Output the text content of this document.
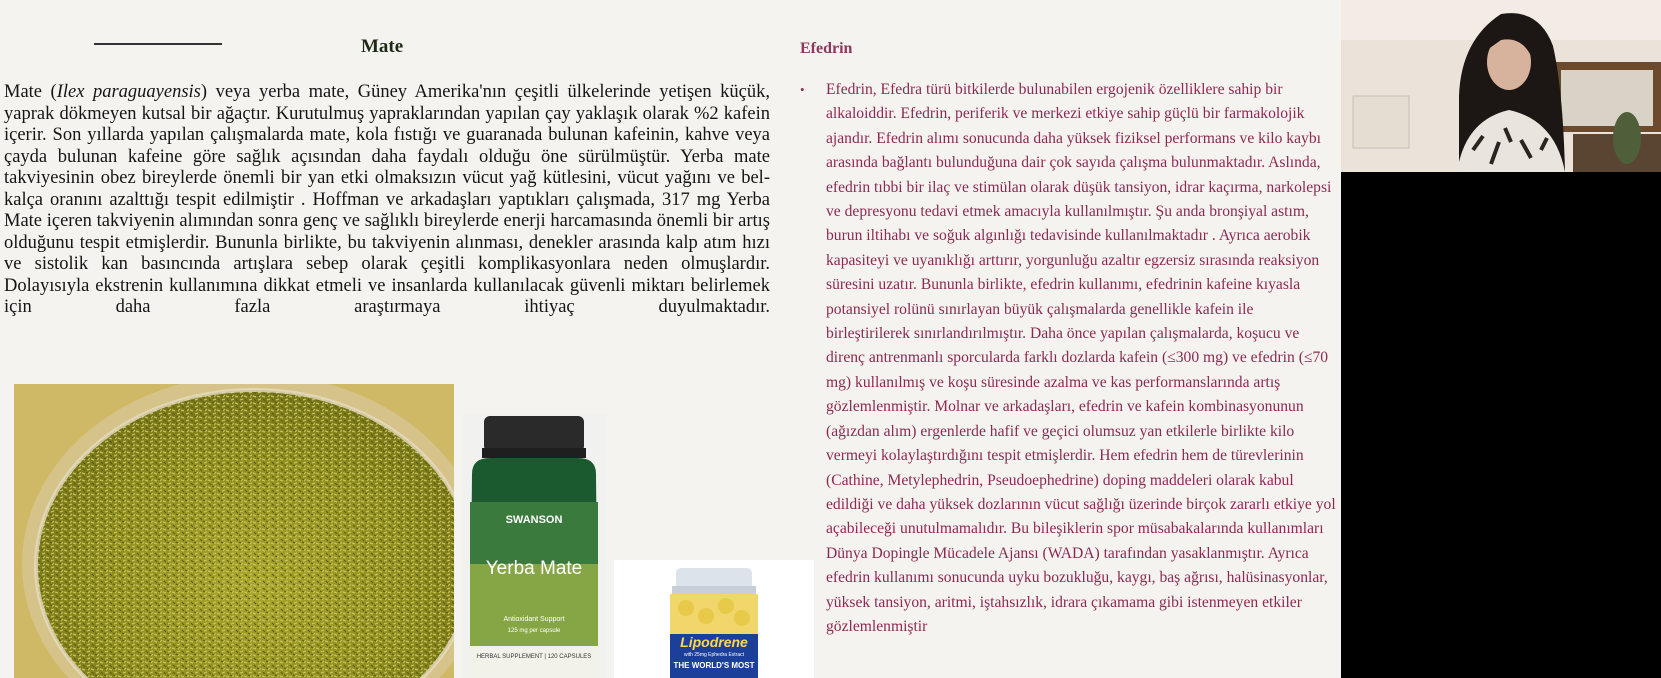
Mate

Mate (Ilex paraguayensis) veya yerba mate, Güney Amerika'nın çeşitli ülkelerinde yetişen küçük, yaprak dökmeyen kutsal bir ağaçtır. Kurutulmuş yapraklarından yapılan çay yaklaşık olarak %2 kafein içerir. Son yıllarda yapılan çalışmalarda mate, kola fıstığı ve guaranada bulunan kafeinin, kahve veya çayda bulunan kafeine göre sağlık açısından daha faydalı olduğu öne sürülmüştür. Yerba mate takviyesinin obez bireylerde önemli bir yan etki olmaksızın vücut yağ kütlesini, vücut yağını ve bel-kalça oranını azalttığı tespit edilmiştir . Hoffman ve arkadaşları yaptıkları çalışmada, 317 mg Yerba Mate içeren takviyenin alımından sonra genç ve sağlıklı bireylerde enerji harcamasında önemli bir artış olduğunu tespit etmişlerdir. Bununla birlikte, bu takviyenin alınması, denekler arasında kalp atım hızı ve sistolik kan basıncında artışlara sebep olarak çeşitli komplikasyonlara neden olmuşlardır. Dolayısıyla ekstrenin kullanımına dikkat etmeli ve insanlarda kullanılacak güvenli miktarı belirlemek için daha fazla araştırmaya ihtiyaç duyulmaktadır.

SWANSON
Yerba Mate
Antioxidant Support
125 mg per capsule
HERBAL SUPPLEMENT | 120 CAPSULES
Lipodrene
with 25mg Ephedra Extract
THE WORLD'S MOST
Efedrin
• Efedrin, Efedra türü bitkilerde bulunabilen ergojenik özelliklere sahip bir alkaloiddir. Efedrin, periferik ve merkezi etkiye sahip güçlü bir farmakolojik ajandır. Efedrin alımı sonucunda daha yüksek fiziksel performans ve kilo kaybı arasında bağlantı bulunduğuna dair çok sayıda çalışma bulunmaktadır. Aslında, efedrin tıbbi bir ilaç ve stimülan olarak düşük tansiyon, idrar kaçırma, narkolepsi ve depresyonu tedavi etmek amacıyla kullanılmıştır. Şu anda bronşiyal astım, burun iltihabı ve soğuk algınlığı tedavisinde kullanılmaktadır . Ayrıca aerobik kapasiteyi ve uyanıklığı arttırır, yorgunluğu azaltır egzersiz sırasında reaksiyon süresini uzatır. Bununla birlikte, efedrin kullanımı, efedrinin kafeine kıyasla potansiyel rolünü sınırlayan büyük çalışmalarda genellikle kafein ile birleştirilerek sınırlandırılmıştır. Daha önce yapılan çalışmalarda, koşucu ve direnç antrenmanlı sporcularda farklı dozlarda kafein (≤300 mg) ve efedrin (≤70 mg) kullanılmış ve koşu süresinde azalma ve kas performanslarında artış gözlemlenmiştir. Molnar ve arkadaşları, efedrin ve kafein kombinasyonunun (ağızdan alım) ergenlerde hafif ve geçici olumsuz yan etkilerle birlikte kilo vermeyi kolaylaştırdığını tespit etmişlerdir. Hem efedrin hem de türevlerinin (Cathine, Metylephedrin, Pseudoephedrine) doping maddeleri olarak kabul edildiği ve daha yüksek dozlarının vücut sağlığı üzerinde birçok zararlı etkiye yol açabileceği unutulmamalıdır. Bu bileşiklerin spor müsabakalarında kullanımları Dünya Dopingle Mücadele Ajansı (WADA) tarafından yasaklanmıştır. Ayrıca efedrin kullanımı sonucunda uyku bozukluğu, kaygı, baş ağrısı, halüsinasyonlar, yüksek tansiyon, aritmi, iştahsızlık, idrara çıkamama gibi istenmeyen etkiler gözlemlenmiştir
